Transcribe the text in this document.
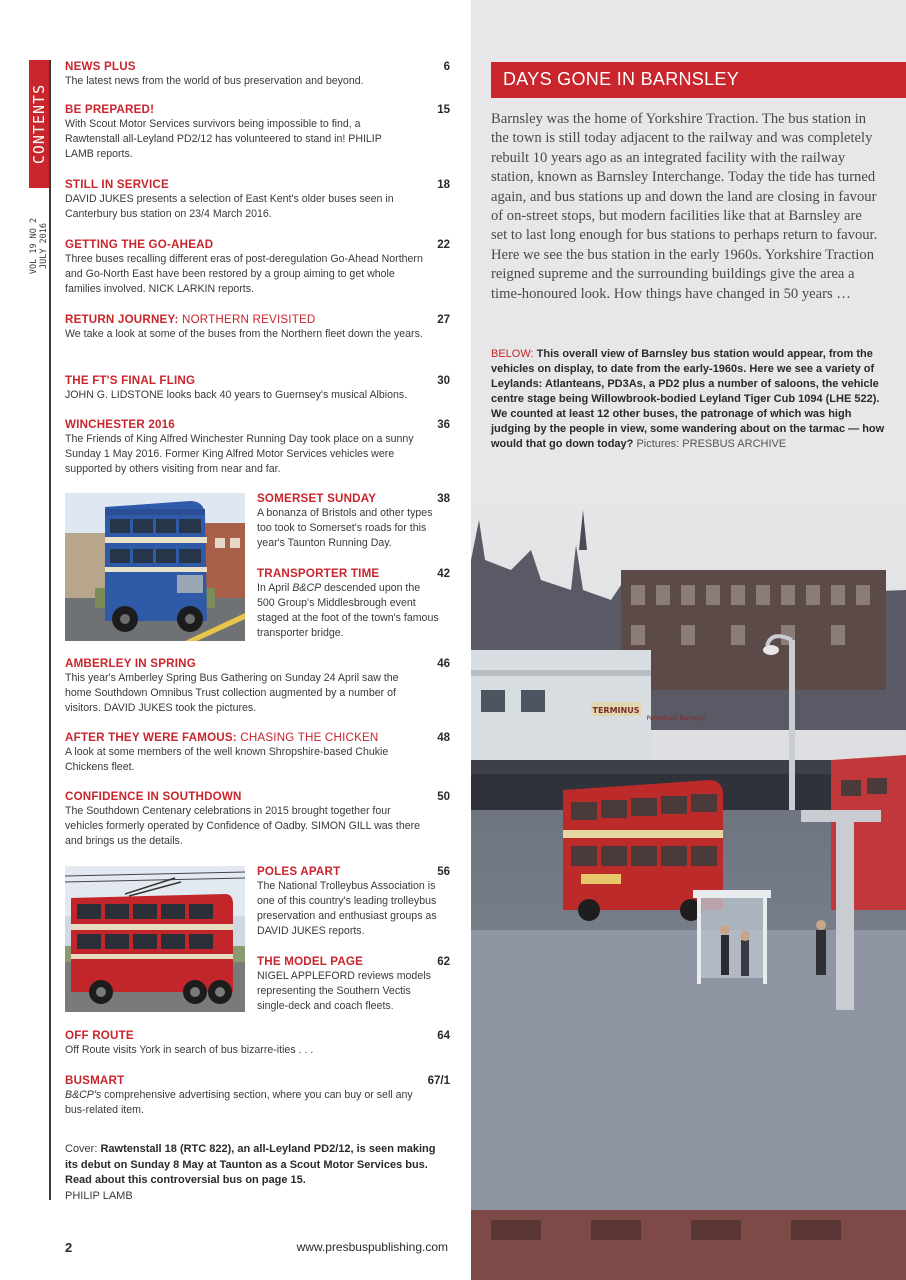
CONTENTS
VOL 19 NO 2 JULY 2016
NEWS PLUS	6
The latest news from the world of bus preservation and beyond.
BE PREPARED!	15
With Scout Motor Services survivors being impossible to find, a Rawtenstall all-Leyland PD2/12 has volunteered to stand in! PHILIP LAMB reports.
STILL IN SERVICE	18
DAVID JUKES presents a selection of East Kent's older buses seen in Canterbury bus station on 23/4 March 2016.
GETTING THE GO-AHEAD	22
Three buses recalling different eras of post-deregulation Go-Ahead Northern and Go-North East have been restored by a group aiming to get whole families involved. NICK LARKIN reports.
RETURN JOURNEY: NORTHERN REVISITED	27
We take a look at some of the buses from the Northern fleet down the years.
THE FT'S FINAL FLING	30
JOHN G. LIDSTONE looks back 40 years to Guernsey's musical Albions.
WINCHESTER 2016	36
The Friends of King Alfred Winchester Running Day took place on a sunny Sunday 1 May 2016. Former King Alfred Motor Services vehicles were supported by others visiting from near and far.
SOMERSET SUNDAY	38
A bonanza of Bristols and other types too took to Somerset's roads for this year's Taunton Running Day.
TRANSPORTER TIME	42
In April B&CP descended upon the 500 Group's Middlesbrough event staged at the foot of the town's famous transporter bridge.
AMBERLEY IN SPRING	46
This year's Amberley Spring Bus Gathering on Sunday 24 April saw the home Southdown Omnibus Trust collection augmented by a number of visitors. DAVID JUKES took the pictures.
AFTER THEY WERE FAMOUS: CHASING THE CHICKEN	48
A look at some members of the well known Shropshire-based Chukie Chickens fleet.
CONFIDENCE IN SOUTHDOWN	50
The Southdown Centenary celebrations in 2015 brought together four vehicles formerly operated by Confidence of Oadby. SIMON GILL was there and brings us the details.
POLES APART	56
The National Trolleybus Association is one of this country's leading trolleybus preservation and enthusiast groups as DAVID JUKES reports.
THE MODEL PAGE	62
NIGEL APPLEFORD reviews models representing the Southern Vectis single-deck and coach fleets.
OFF ROUTE	64
Off Route visits York in search of bus bizarre-ities . . .
BUSMART	67/1
B&CP's comprehensive advertising section, where you can buy or sell any bus-related item.
Cover: Rawtenstall 18 (RTC 822), an all-Leyland PD2/12, is seen making its debut on Sunday 8 May at Taunton as a Scout Motor Services bus. Read about this controversial bus on page 15.
PHILIP LAMB
2	www.presbuspublishing.com
DAYS GONE IN BARNSLEY
Barnsley was the home of Yorkshire Traction. The bus station in the town is still today adjacent to the railway and was completely rebuilt 10 years ago as an integrated facility with the railway station, known as Barnsley Interchange. Today the tide has turned again, and bus stations up and down the land are closing in favour of on-street stops, but modern facilities like that at Barnsley are set to last long enough for bus stations to perhaps return to favour. Here we see the bus station in the early 1960s. Yorkshire Traction reigned supreme and the surrounding buildings give the area a time-honoured look. How things have changed in 50 years …
BELOW: This overall view of Barnsley bus station would appear, from the vehicles on display, to date from the early-1960s. Here we see a variety of Leylands: Atlanteans, PD3As, a PD2 plus a number of saloons, the vehicle centre stage being Willowbrook-bodied Leyland Tiger Cub 1094 (LHE 522). We counted at least 12 other buses, the patronage of which was high judging by the people in view, some wandering about on the tarmac — how would that go down today? Pictures: PRESBUS ARCHIVE
TERMINUS
Pontefract Barnsley
